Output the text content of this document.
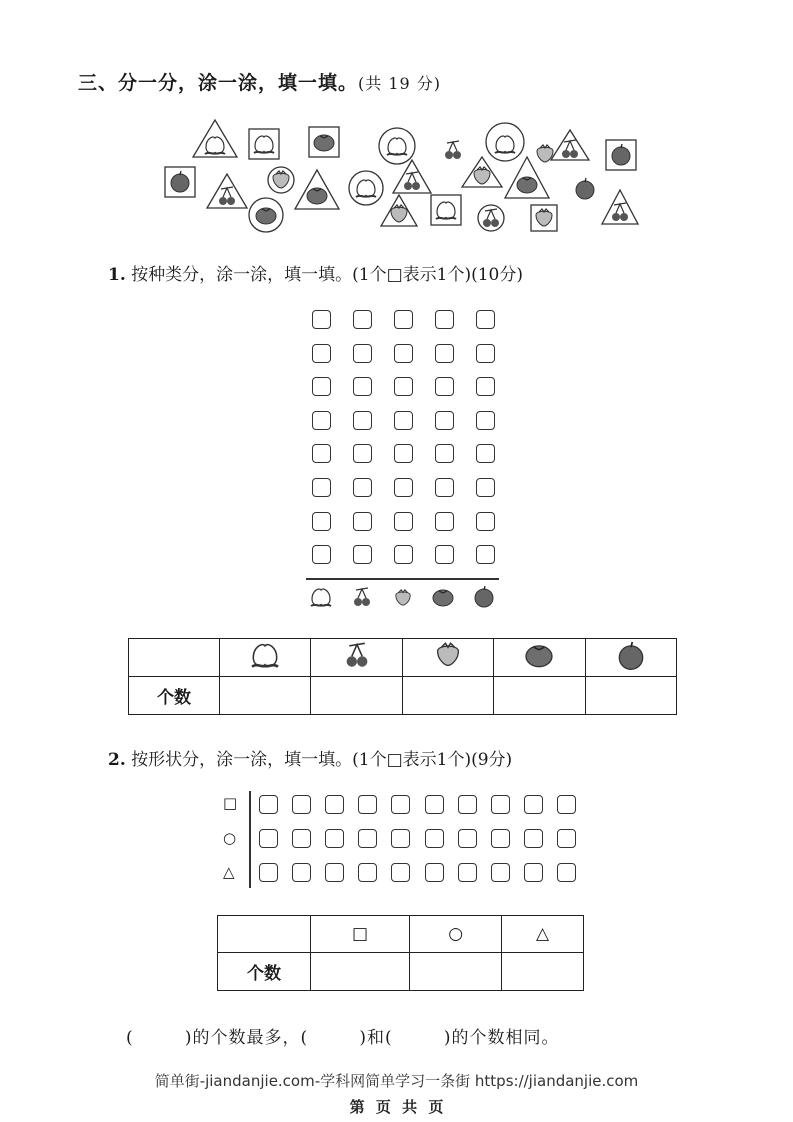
三、分一分，涂一涂，填一填。(共 19 分)
1. 按种类分，涂一涂，填一填。(1个□表示1个)(10分)

个数					
2. 按形状分，涂一涂，填一填。(1个□表示1个)(9分)
□
○
△
	□	○	△
个数			
(        )的个数最多，(        )和(        )的个数相同。
简单街-jiandanjie.com-学科网简单学习一条街 https://jiandanjie.com
第 页 共 页
